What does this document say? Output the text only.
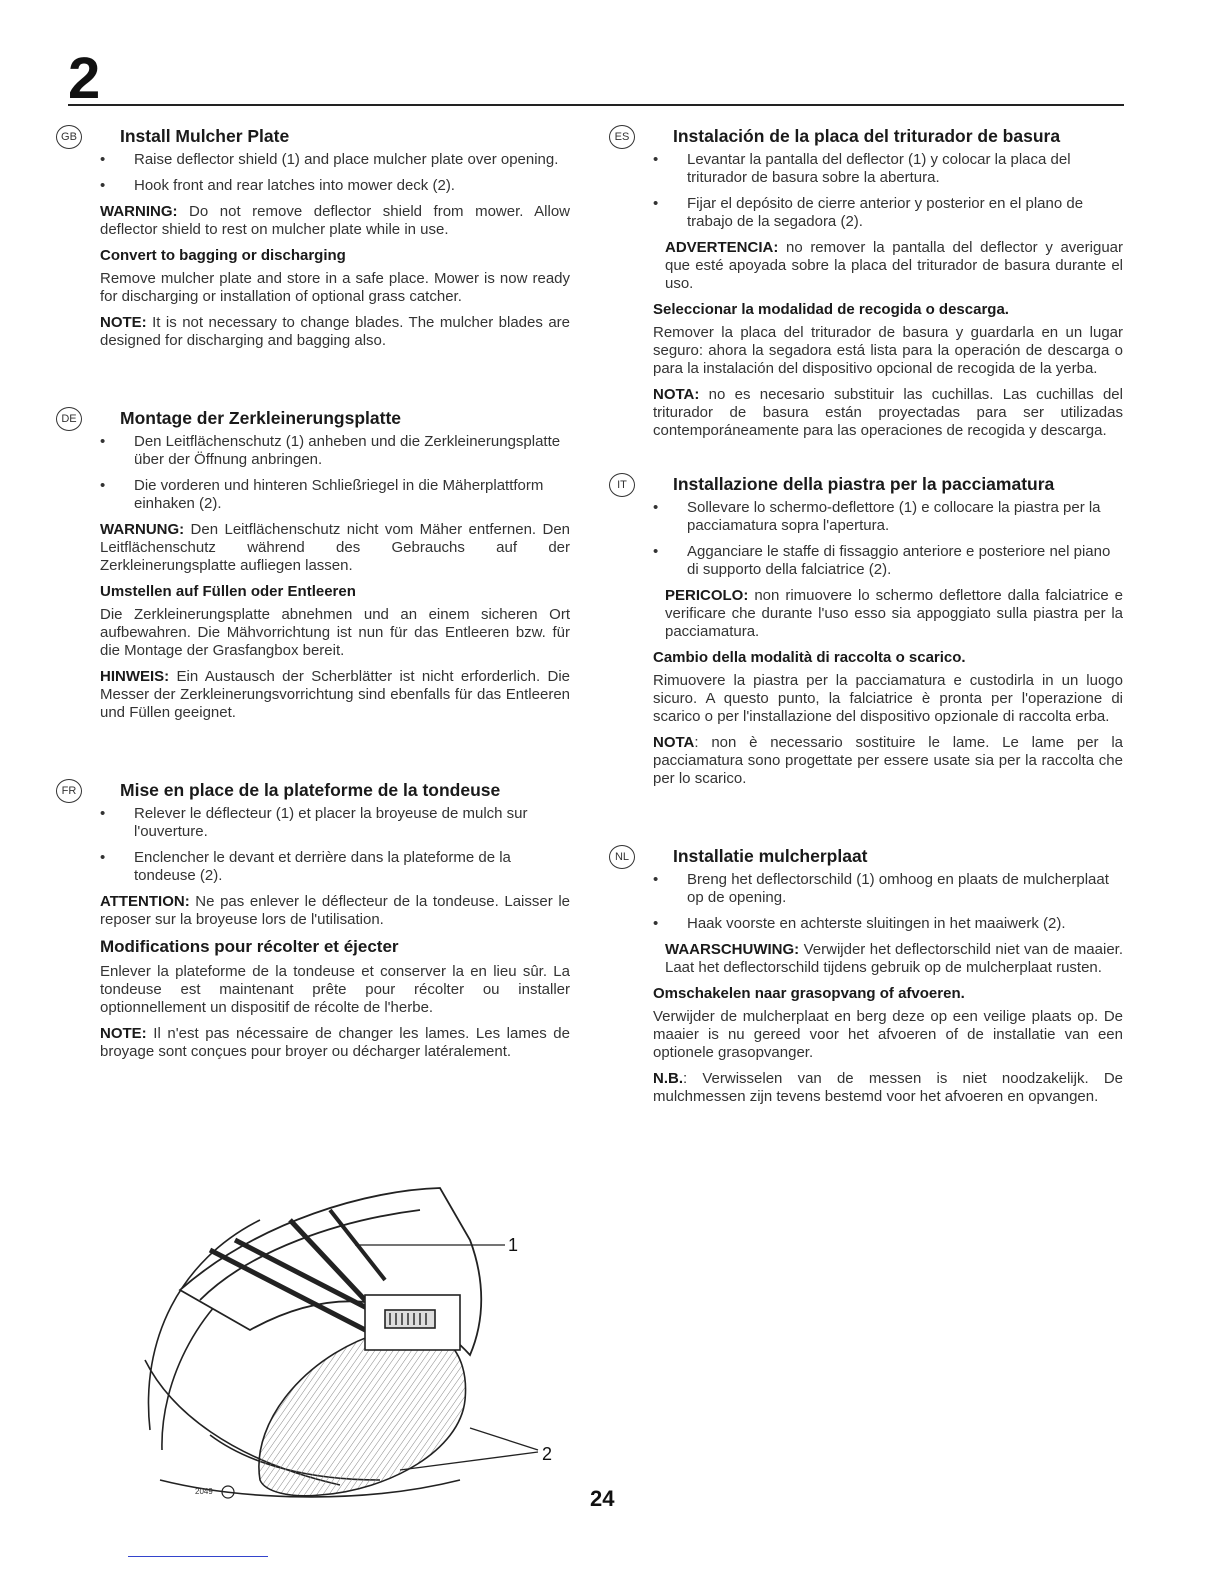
2
GB Install Mulcher Plate
• Raise deflector shield (1) and place mulcher plate over opening.
• Hook front and rear latches into mower deck (2).

WARNING: Do not remove deflector shield from mower. Allow deflector shield to rest on mulcher plate while in use.

Convert to bagging or discharging

Remove mulcher plate and store in a safe place. Mower is now ready for discharging or installation of optional grass catcher.

NOTE: It is not necessary to change blades. The mulcher blades are designed for discharging and bagging also.

DE	Montage der Zerkleinerungsplatte
• Den Leitflächenschutz (1) anheben und die Zerkleinerungsplatte über der Öffnung anbringen.
• Die vorderen und hinteren Schließriegel in die Mäherplattform einhaken (2).

WARNUNG: Den Leitflächenschutz nicht vom Mäher entfernen. Den Leitflächenschutz während des Gebrauchs auf der Zerkleinerungsplatte aufliegen lassen.

Umstellen auf Füllen oder Entleeren

Die Zerkleinerungsplatte abnehmen und an einem sicheren Ort aufbewahren. Die Mähvorrichtung ist nun für das Entleeren bzw. für die Montage der Grasfangbox bereit.

HINWEIS: Ein Austausch der Scherblätter ist nicht erforderlich. Die Messer der Zerkleinerungsvorrichtung sind ebenfalls für das Entleeren und Füllen geeignet.

FR	Mise en place de la plateforme de la tondeuse
• Relever le déflecteur (1) et placer la broyeuse de mulch sur l'ouverture.
• Enclencher le devant et derrière dans la plateforme de la tondeuse (2).

ATTENTION: Ne pas enlever le déflecteur de la tondeuse. Laisser le reposer sur la broyeuse lors de l'utilisation.

Modifications pour récolter et éjecter

Enlever la plateforme de la tondeuse et conserver la en lieu sûr. La tondeuse est maintenant prête pour récolter ou installer optionnellement un dispositif de récolte de l'herbe.

NOTE: Il n'est pas nécessaire de changer les lames. Les lames de broyage sont conçues pour broyer ou décharger latéralement.

ES	Instalación de la placa del triturador de basura
• Levantar la pantalla del deflector (1) y colocar la placa del triturador de basura sobre la abertura.
• Fijar el depósito de cierre anterior y posterior en el plano de trabajo de la segadora (2).

ADVERTENCIA: no remover la pantalla del deflector y averiguar que esté apoyada sobre la placa del triturador de basura durante el uso.

Seleccionar la modalidad de recogida o descarga.

Remover la placa del triturador de basura y guardarla en un lugar seguro: ahora la segadora está lista para la operación de descarga o para la instalación del dispositivo opcional de recogida de la yerba.

NOTA: no es necesario substituir las cuchillas. Las cuchillas del triturador de basura están proyectadas para ser utilizadas contemporáneamente para las operaciones de recogida y descarga.

IT	Installazione della piastra per la pacciamatura
• Sollevare lo schermo-deflettore (1) e collocare la piastra per la pacciamatura sopra l'apertura.
• Agganciare le staffe di fissaggio anteriore e posteriore nel piano di supporto della falciatrice (2).

PERICOLO: non rimuovere lo schermo deflettore dalla falciatrice e verificare che durante l'uso esso sia appoggiato sulla piastra per la pacciamatura.

Cambio della modalità di raccolta o scarico.

Rimuovere la piastra per la pacciamatura e custodirla in un luogo sicuro. A questo punto, la falciatrice è pronta per l'operazione di scarico o per l'installazione del dispositivo opzionale di raccolta erba.

NOTA: non è necessario sostituire le lame. Le lame per la pacciamatura sono progettate per essere usate sia per la raccolta che per lo scarico.

NL	Installatie mulcherplaat
• Breng het deflectorschild (1) omhoog en plaats de mulcherplaat op de opening.
• Haak voorste en achterste sluitingen in het maaiwerk (2).

WAARSCHUWING: Verwijder het deflectorschild niet van de maaier. Laat het deflectorschild tijdens gebruik op de mulcherplaat rusten.

Omschakelen naar grasopvang of afvoeren.

Verwijder de mulcherplaat en berg deze op een veilige plaats op. De maaier is nu gereed voor het afvoeren of de installatie van een optionele grasopvanger.

N.B.: Verwisselen van de messen is niet noodzakelijk. De mulchmessen zijn tevens bestemd voor het afvoeren en opvangen.

1
2
2049	24
